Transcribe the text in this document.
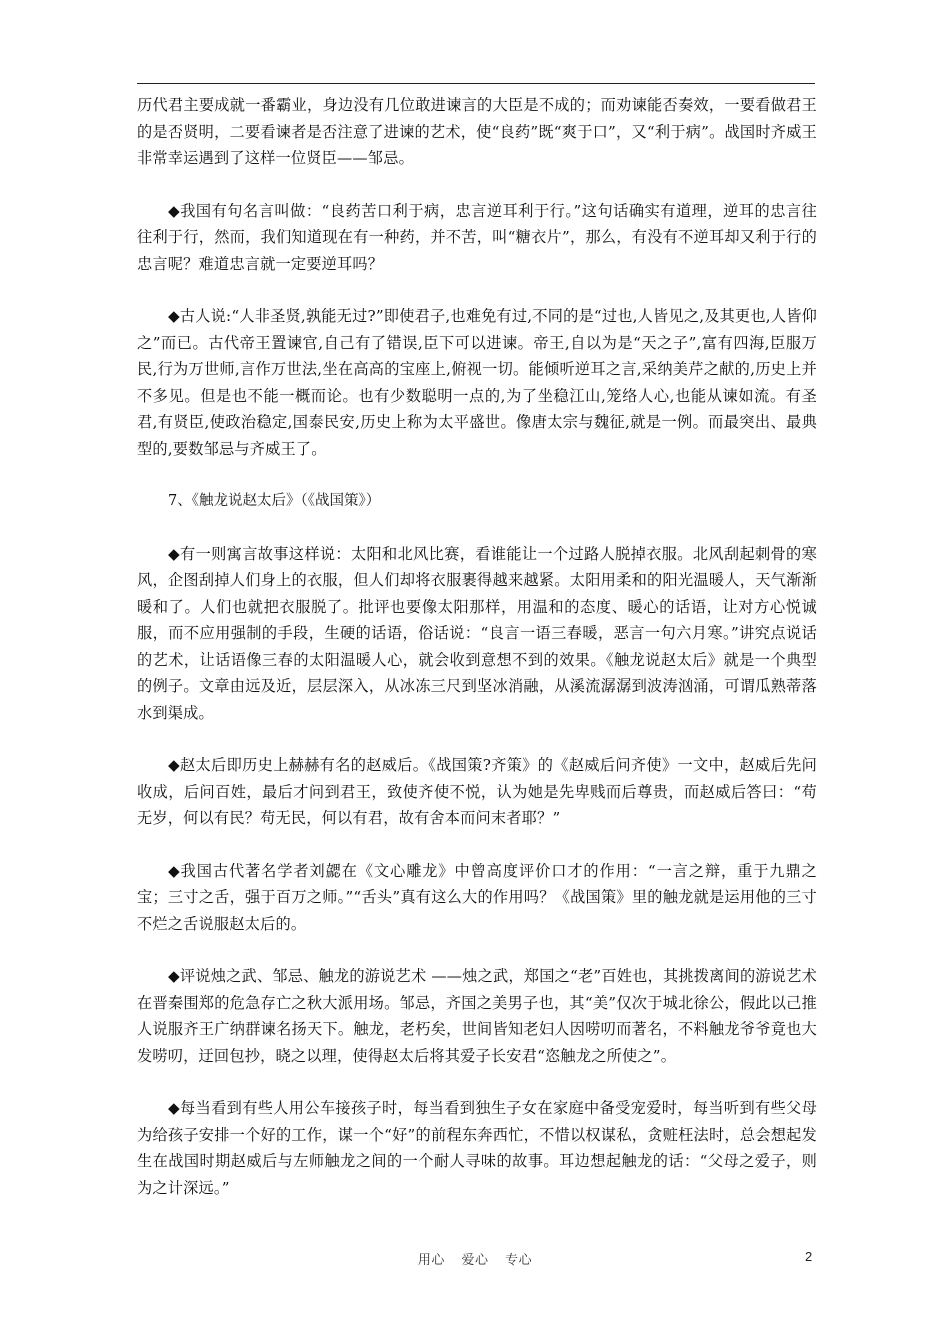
历代君主要成就一番霸业，身边没有几位敢进谏言的大臣是不成的；而劝谏能否奏效，一要看做君王的是否贤明，二要看谏者是否注意了进谏的艺术，使“良药”既“爽于口”，又“利于病”。战国时齐威王非常幸运遇到了这样一位贤臣——邹忌。

◆我国有句名言叫做：“良药苦口利于病，忠言逆耳利于行。”这句话确实有道理，逆耳的忠言往往利于行，然而，我们知道现在有一种药，并不苦，叫“糖衣片”，那么，有没有不逆耳却又利于行的忠言呢？难道忠言就一定要逆耳吗？

◆古人说:“人非圣贤,孰能无过?”即使君子,也难免有过,不同的是“过也,人皆见之,及其更也,人皆仰之”而已。古代帝王置谏官,自己有了错误,臣下可以进谏。帝王,自以为是“天之子”,富有四海,臣服万民,行为万世师,言作万世法,坐在高高的宝座上,俯视一切。能倾听逆耳之言,采纳美芹之献的,历史上并不多见。但是也不能一概而论。也有少数聪明一点的,为了坐稳江山,笼络人心,也能从谏如流。有圣君,有贤臣,使政治稳定,国泰民安,历史上称为太平盛世。像唐太宗与魏征,就是一例。而最突出、最典型的,要数邹忌与齐威王了。

7、《触龙说赵太后》（《战国策》）

◆有一则寓言故事这样说：太阳和北风比赛，看谁能让一个过路人脱掉衣服。北风刮起刺骨的寒风，企图刮掉人们身上的衣服，但人们却将衣服裹得越来越紧。太阳用柔和的阳光温暖人，天气渐渐暖和了。人们也就把衣服脱了。批评也要像太阳那样，用温和的态度、暖心的话语，让对方心悦诚服，而不应用强制的手段，生硬的话语，俗话说：“良言一语三春暖，恶言一句六月寒。”讲究点说话的艺术，让话语像三春的太阳温暖人心，就会收到意想不到的效果。《触龙说赵太后》就是一个典型的例子。文章由远及近，层层深入，从冰冻三尺到坚冰消融，从溪流潺潺到波涛汹涌，可谓瓜熟蒂落水到渠成。

◆赵太后即历史上赫赫有名的赵威后。《战国策?齐策》的《赵威后问齐使》一文中，赵威后先问收成，后问百姓，最后才问到君王，致使齐使不悦，认为她是先卑贱而后尊贵，而赵威后答曰：“苟无岁，何以有民？苟无民，何以有君，故有舍本而问末者耶？”

◆我国古代著名学者刘勰在《文心雕龙》中曾高度评价口才的作用：“一言之辩，重于九鼎之宝；三寸之舌，强于百万之师。”“舌头”真有这么大的作用吗？《战国策》里的触龙就是运用他的三寸不烂之舌说服赵太后的。

◆评说烛之武、邹忌、触龙的游说艺术 ——烛之武，郑国之“老”百姓也，其挑拨离间的游说艺术在晋秦围郑的危急存亡之秋大派用场。邹忌，齐国之美男子也，其“美”仅次于城北徐公，假此以己推人说服齐王广纳群谏名扬天下。触龙，老朽矣，世间皆知老妇人因唠叨而著名，不料触龙爷爷竟也大发唠叨，迂回包抄，晓之以理，使得赵太后将其爱子长安君“恣触龙之所使之”。

◆每当看到有些人用公车接孩子时，每当看到独生子女在家庭中备受宠爱时，每当听到有些父母为给孩子安排一个好的工作，谋一个“好”的前程东奔西忙，不惜以权谋私，贪赃枉法时，总会想起发生在战国时期赵威后与左师触龙之间的一个耐人寻味的故事。耳边想起触龙的话：“父母之爱子，则为之计深远。”

用心 爱心 专心	2
